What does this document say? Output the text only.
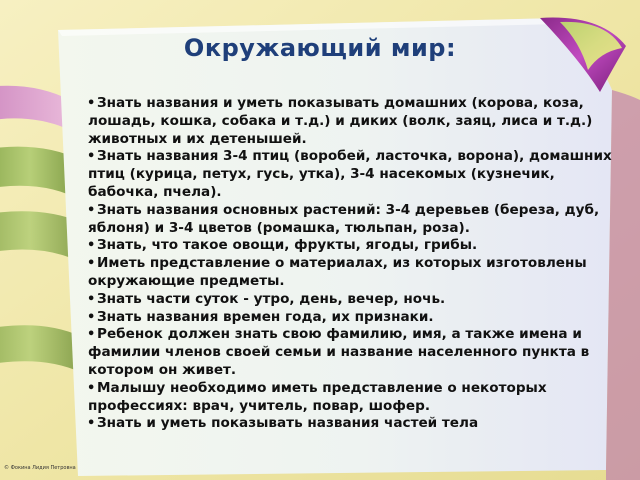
Окружающий мир:
• Знать названия и уметь показывать домашних (корова, коза, лошадь, кошка, собака и т.д.) и диких (волк, заяц, лиса и т.д.) животных и их детенышей.
• Знать названия 3-4 птиц (воробей, ласточка, ворона), домашних птиц (курица, петух, гусь, утка), 3-4 насекомых (кузнечик, бабочка, пчела).
• Знать названия основных растений: 3-4 деревьев (береза, дуб, яблоня) и 3-4 цветов (ромашка, тюльпан, роза).
• Знать, что такое овощи, фрукты, ягоды, грибы.
• Иметь представление о материалах, из которых изготовлены окружающие предметы.
• Знать части суток - утро, день, вечер, ночь.
• Знать названия времен года, их признаки.
• Ребенок должен знать свою фамилию, имя, а также имена и фамилии членов своей семьи и название населенного пункта в котором он живет.
• Малышу необходимо иметь представление о некоторых профессиях: врач, учитель, повар, шофер.
• Знать и уметь показывать названия частей тела
© Фокина Лидия Петровна
